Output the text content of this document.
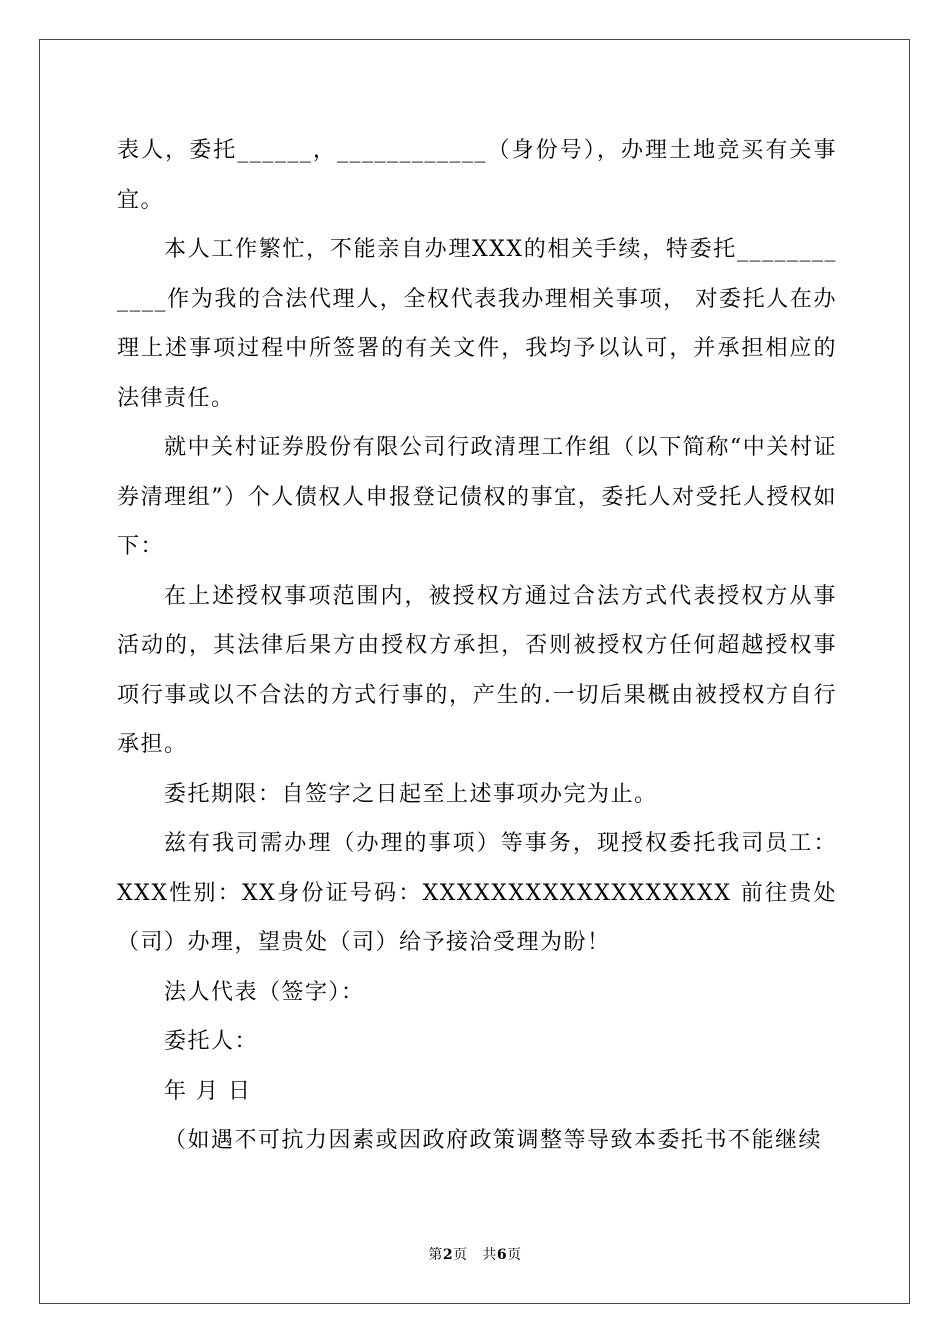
表人，委托______，____________（身份号），办理土地竞买有关事宜。

本人工作繁忙，不能亲自办理XXX的相关手续，特委托____________作为我的合法代理人，全权代表我办理相关事项， 对委托人在办理上述事项过程中所签署的有关文件，我均予以认可，并承担相应的法律责任。

就中关村证券股份有限公司行政清理工作组（以下简称“中关村证券清理组”）个人债权人申报登记债权的事宜，委托人对受托人授权如下：

在上述授权事项范围内，被授权方通过合法方式代表授权方从事活动的，其法律后果方由授权方承担，否则被授权方任何超越授权事项行事或以不合法的方式行事的，产生的.一切后果概由被授权方自行承担。

委托期限：自签字之日起至上述事项办完为止。

兹有我司需办理（办理的事项）等事务，现授权委托我司员工：XXX性别：XX身份证号码：XXXXXXXXXXXXXXXXXX 前往贵处（司）办理，望贵处（司）给予接洽受理为盼！

法人代表（签字）：

委托人：

年 月 日

（如遇不可抗力因素或因政府政策调整等导致本委托书不能继续

第2页 共6页
